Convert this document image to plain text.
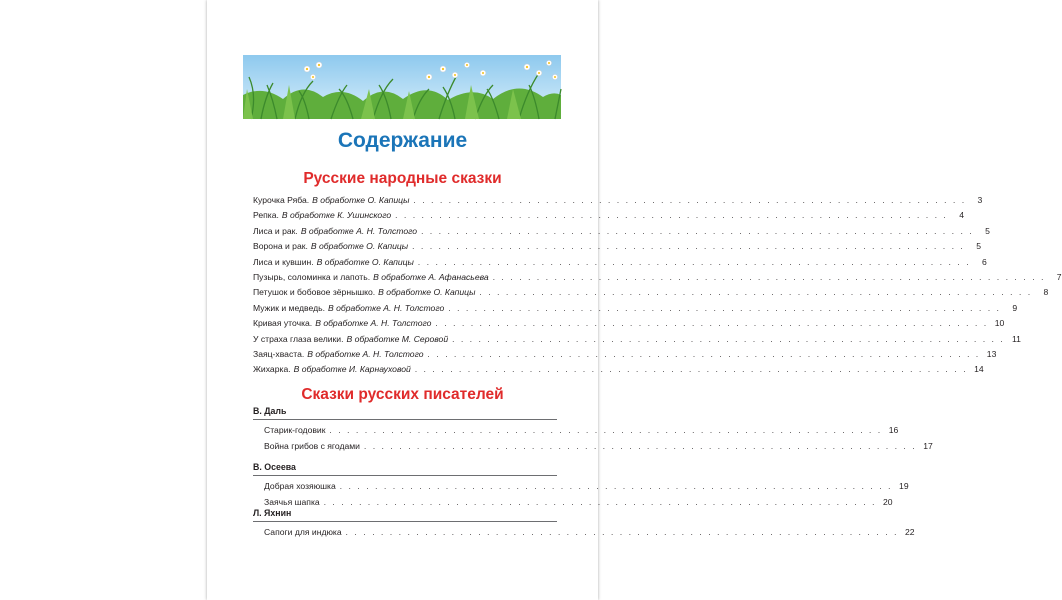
Содержание
Русские народные сказки
Сказки русских писателей
Курочка Ряба. В обработке О. Капицы . . . . . . . . . . . . . . . . . . . . . . . . . . . . . . . . . . . . . . . . . . . . . . . . . . . . . . . . . . . . . . .	3
Репка. В обработке К. Ушинского . . . . . . . . . . . . . . . . . . . . . . . . . . . . . . . . . . . . . . . . . . . . . . . . . . . . . . . . . . . . . . .	4
Лиса и рак. В обработке А. Н. Толстого . . . . . . . . . . . . . . . . . . . . . . . . . . . . . . . . . . . . . . . . . . . . . . . . . . . . . . . . . . . . . . .	5
Ворона и рак. В обработке О. Капицы . . . . . . . . . . . . . . . . . . . . . . . . . . . . . . . . . . . . . . . . . . . . . . . . . . . . . . . . . . . . . . .	5
Лиса и кувшин. В обработке О. Капицы . . . . . . . . . . . . . . . . . . . . . . . . . . . . . . . . . . . . . . . . . . . . . . . . . . . . . . . . . . . . . . .	6
Пузырь, соломинка и лапоть. В обработке А. Афанасьева . . . . . . . . . . . . . . . . . . . . . . . . . . . . . . . . . . . . . . . . . . . . . . . . . . . . . . . . . . . . . . .	7
Петушок и бобовое зёрнышко. В обработке О. Капицы . . . . . . . . . . . . . . . . . . . . . . . . . . . . . . . . . . . . . . . . . . . . . . . . . . . . . . . . . . . . . . .	8
Мужик и медведь. В обработке А. Н. Толстого . . . . . . . . . . . . . . . . . . . . . . . . . . . . . . . . . . . . . . . . . . . . . . . . . . . . . . . . . . . . . . .	9
Кривая уточка. В обработке А. Н. Толстого . . . . . . . . . . . . . . . . . . . . . . . . . . . . . . . . . . . . . . . . . . . . . . . . . . . . . . . . . . . . . . . 10
У страха глаза велики. В обработке М. Серовой . . . . . . . . . . . . . . . . . . . . . . . . . . . . . . . . . . . . . . . . . . . . . . . . . . . . . . . . . . . . . . . 11
Заяц-хваста. В обработке А. Н. Толстого . . . . . . . . . . . . . . . . . . . . . . . . . . . . . . . . . . . . . . . . . . . . . . . . . . . . . . . . . . . . . . . 13
Жихарка. В обработке И. Карнауховой . . . . . . . . . . . . . . . . . . . . . . . . . . . . . . . . . . . . . . . . . . . . . . . . . . . . . . . . . . . . . . . 14
В. Даль
Старик-годовик . . . . . . . . . . . . . . . . . . . . . . . . . . . . . . . . . . . . . . . . . . . . . . . . . . . . . . . . . . . . . . . 16
Война грибов с ягодами . . . . . . . . . . . . . . . . . . . . . . . . . . . . . . . . . . . . . . . . . . . . . . . . . . . . . . . . . . . . . . . 17
В. Осеева
Добрая хозяюшка . . . . . . . . . . . . . . . . . . . . . . . . . . . . . . . . . . . . . . . . . . . . . . . . . . . . . . . . . . . . . . . 19
Заячья шапка . . . . . . . . . . . . . . . . . . . . . . . . . . . . . . . . . . . . . . . . . . . . . . . . . . . . . . . . . . . . . . . 20
Л. Яхнин
Сапоги для индюка . . . . . . . . . . . . . . . . . . . . . . . . . . . . . . . . . . . . . . . . . . . . . . . . . . . . . . . . . . . . . . . 22
